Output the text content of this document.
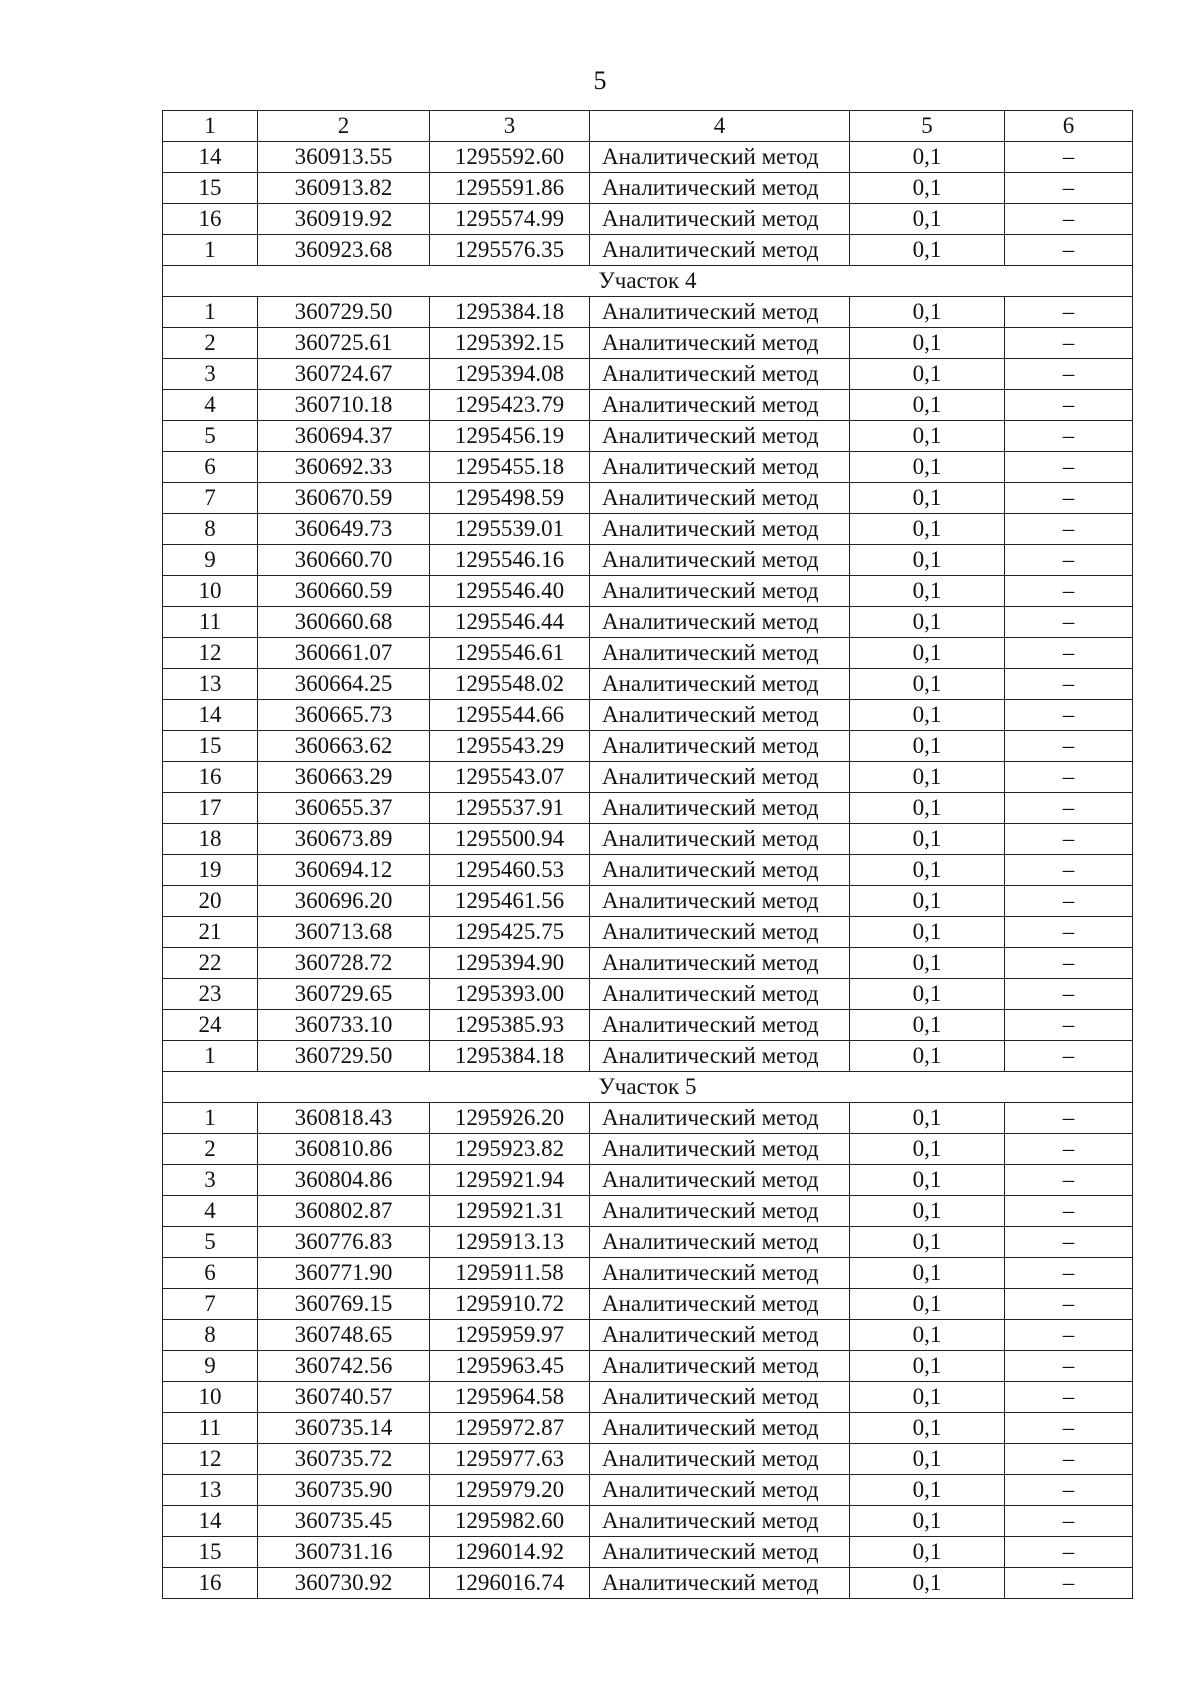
5
1	2	3	4	5	6
14	360913.55	1295592.60	Аналитический метод	0,1	–
15	360913.82	1295591.86	Аналитический метод	0,1	–
16	360919.92	1295574.99	Аналитический метод	0,1	–
1	360923.68	1295576.35	Аналитический метод	0,1	–
Участок 4					
1	360729.50	1295384.18	Аналитический метод	0,1	–
2	360725.61	1295392.15	Аналитический метод	0,1	–
3	360724.67	1295394.08	Аналитический метод	0,1	–
4	360710.18	1295423.79	Аналитический метод	0,1	–
5	360694.37	1295456.19	Аналитический метод	0,1	–
6	360692.33	1295455.18	Аналитический метод	0,1	–
7	360670.59	1295498.59	Аналитический метод	0,1	–
8	360649.73	1295539.01	Аналитический метод	0,1	–
9	360660.70	1295546.16	Аналитический метод	0,1	–
10	360660.59	1295546.40	Аналитический метод	0,1	–
11	360660.68	1295546.44	Аналитический метод	0,1	–
12	360661.07	1295546.61	Аналитический метод	0,1	–
13	360664.25	1295548.02	Аналитический метод	0,1	–
14	360665.73	1295544.66	Аналитический метод	0,1	–
15	360663.62	1295543.29	Аналитический метод	0,1	–
16	360663.29	1295543.07	Аналитический метод	0,1	–
17	360655.37	1295537.91	Аналитический метод	0,1	–
18	360673.89	1295500.94	Аналитический метод	0,1	–
19	360694.12	1295460.53	Аналитический метод	0,1	–
20	360696.20	1295461.56	Аналитический метод	0,1	–
21	360713.68	1295425.75	Аналитический метод	0,1	–
22	360728.72	1295394.90	Аналитический метод	0,1	–
23	360729.65	1295393.00	Аналитический метод	0,1	–
24	360733.10	1295385.93	Аналитический метод	0,1	–
1	360729.50	1295384.18	Аналитический метод	0,1	–
Участок 5					
1	360818.43	1295926.20	Аналитический метод	0,1	–
2	360810.86	1295923.82	Аналитический метод	0,1	–
3	360804.86	1295921.94	Аналитический метод	0,1	–
4	360802.87	1295921.31	Аналитический метод	0,1	–
5	360776.83	1295913.13	Аналитический метод	0,1	–
6	360771.90	1295911.58	Аналитический метод	0,1	–
7	360769.15	1295910.72	Аналитический метод	0,1	–
8	360748.65	1295959.97	Аналитический метод	0,1	–
9	360742.56	1295963.45	Аналитический метод	0,1	–
10	360740.57	1295964.58	Аналитический метод	0,1	–
11	360735.14	1295972.87	Аналитический метод	0,1	–
12	360735.72	1295977.63	Аналитический метод	0,1	–
13	360735.90	1295979.20	Аналитический метод	0,1	–
14	360735.45	1295982.60	Аналитический метод	0,1	–
15	360731.16	1296014.92	Аналитический метод	0,1	–
16	360730.92	1296016.74	Аналитический метод	0,1	–
